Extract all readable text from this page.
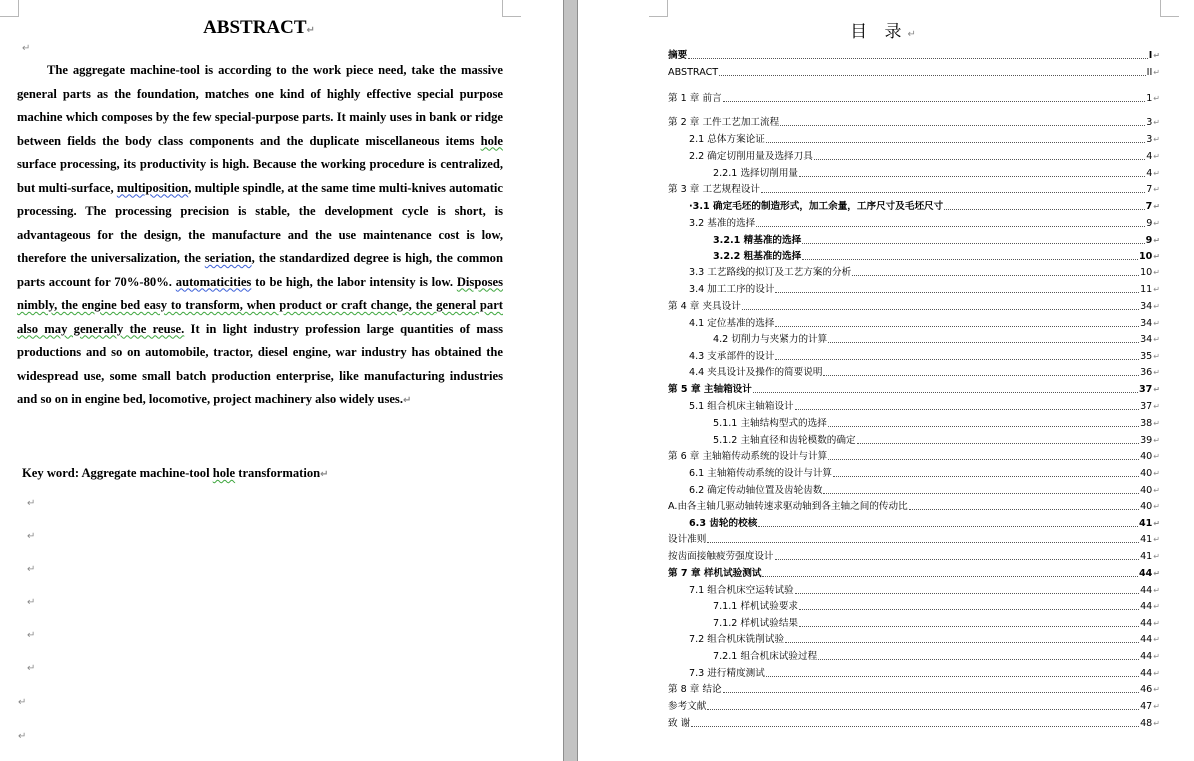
ABSTRACT↵
↵

The aggregate machine-tool is according to the work piece need, take the massive general parts as the foundation, matches one kind of highly effective special purpose machine which composes by the few special-purpose parts. It mainly uses in bank or ridge between fields the body class components and the duplicate miscellaneous items hole surface processing, its productivity is high. Because the working procedure is centralized, but multi-surface, multiposition, multiple spindle, at the same time multi-knives automatic processing. The processing precision is stable, the development cycle is short, is advantageous for the design, the manufacture and the use maintenance cost is low, therefore the universalization, the seriation, the standardized degree is high, the common parts account for 70%-80%. automaticities to be high, the labor intensity is low. Disposes nimbly, the engine bed easy to transform, when product or craft change, the general part also may generally the reuse. It in light industry profession large quantities of mass productions and so on automobile, tractor, diesel engine, war industry has obtained the widespread use, some small batch production enterprise, like manufacturing industries and so on in engine bed, locomotive, project machinery also widely uses.↵

Key word: Aggregate machine-tool hole transformation↵

↵
↵
↵
↵
↵
↵
↵
↵
目 录↵
摘要	I ↵
ABSTRACT	II ↵
第 1 章 前言	1 ↵
第 2 章 工件工艺加工流程	3 ↵
2.1 总体方案论证	3 ↵
2.2 确定切削用量及选择刀具	4 ↵
2.2.1 选择切削用量	4 ↵
第 3 章 工艺规程设计	7 ↵
·3.1 确定毛坯的制造形式，加工余量，工序尺寸及毛坯尺寸	7 ↵
3.2 基准的选择	9 ↵
3.2.1 精基准的选择	9 ↵
3.2.2 粗基准的选择	10 ↵
3.3 工艺路线的拟订及工艺方案的分析	10 ↵
3.4 加工工序的设计	11 ↵
第 4 章 夹具设计	34 ↵
4.1 定位基准的选择	34 ↵
4.2 切削力与夹紧力的计算	34 ↵
4.3 支承部件的设计	35 ↵
4.4 夹具设计及操作的简要说明	36 ↵
第 5 章 主轴箱设计	37 ↵
5.1 组合机床主轴箱设计	37 ↵
5.1.1 主轴结构型式的选择	38 ↵
5.1.2 主轴直径和齿轮模数的确定	39 ↵
第 6 章 主轴箱传动系统的设计与计算	40 ↵
6.1 主轴箱传动系统的设计与计算	40 ↵
6.2 确定传动轴位置及齿轮齿数	40 ↵
A.由各主轴几驱动轴转速求驱动轴到各主轴之间的传动比	40 ↵
6.3 齿轮的校核	41 ↵
设计准则	41 ↵
按齿面接触疲劳强度设计	41 ↵
第 7 章 样机试验测试	44 ↵
7.1 组合机床空运转试验	44 ↵
7.1.1 样机试验要求	44 ↵
7.1.2 样机试验结果	44 ↵
7.2 组合机床铣削试验	44 ↵
7.2.1 组合机床试验过程	44 ↵
7.3 进行精度测试	44 ↵
第 8 章 结论	46 ↵
参考文献	47 ↵
致 谢	48 ↵
